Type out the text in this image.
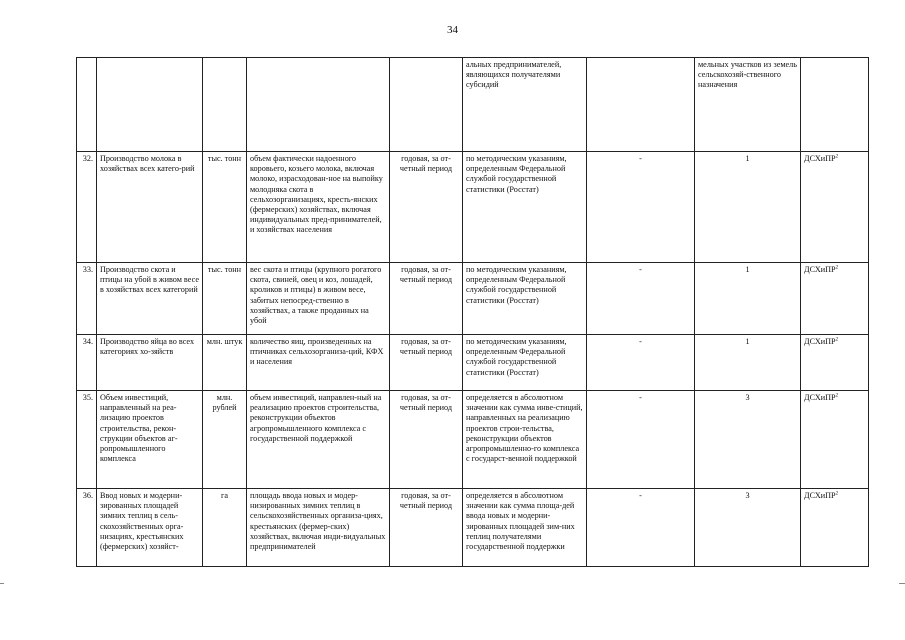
34
					альных предпринимателей, являющихся получателями субсидий		мельных участков из земель сельскохозяй-ственного назначения	
32.	Производство молока в хозяйствах всех катего-рий	тыс. тонн	объем фактически надоенного коровьего, козьего молока, включая молоко, израсходован-ное на выпойку молодняка скота в сельхозорганизациях, кресть-янских (фермерских) хозяйствах, включая индивидуальных пред-принимателей, и хозяйствах населения	годовая, за от-четный период	по методическим указаниям, определенным Федеральной службой государственной статистики (Росстат)	-	1	ДСХиПР$^2$
33.	Производство скота и птицы на убой в живом весе в хозяйствах всех категорий	тыс. тонн	вес скота и птицы (крупного рогатого скота, свиней, овец и коз, лошадей, кроликов и птицы) в живом весе, забитых непосред-ственно в хозяйствах, а также проданных на убой	годовая, за от-четный период	по методическим указаниям, определенным Федеральной службой государственной статистики (Росстат)	-	1	ДСХиПР$^2$
34.	Производство яйца во всех категориях хо-зяйств	млн. штук	количество яиц, произведенных на птичниках сельхозорганиза-ций, КФХ и населения	годовая, за от-четный период	по методическим указаниям, определенным Федеральной службой государственной статистики (Росстат)	-	1	ДСХиПР$^2$
35.	Объем инвестиций, направленный на реа-лизацию проектов строительства, рекон-струкции объектов аг-ропромышленного комплекса	млн. рублей	объем инвестиций, направлен-ный на реализацию проектов строительства, реконструкции объектов агропромышленного комплекса с государственной поддержкой	годовая, за от-четный период	определяется в абсолютном значении как сумма инве-стиций, направленных на реализацию проектов строи-тельства, реконструкции объектов агропромышленно-го комплекса с государст-венной поддержкой	-	3	ДСХиПР$^2$
36.	Ввод новых и модерни-зированных площадей зимних теплиц в сель-скохозяйственных орга-низациях, крестьянских (фермерских) хозяйст-	га	площадь ввода новых и модер-низированных зимних теплиц в сельскохозяйственных организа-циях, крестьянских (фермер-ских) хозяйствах, включая инди-видуальных предпринимателей	годовая, за от-четный период	определяется в абсолютном значении как сумма площа-дей ввода новых и модерни-зированных площадей зим-них теплиц получателями государственной поддержки	-	3	ДСХиПР$^2$
